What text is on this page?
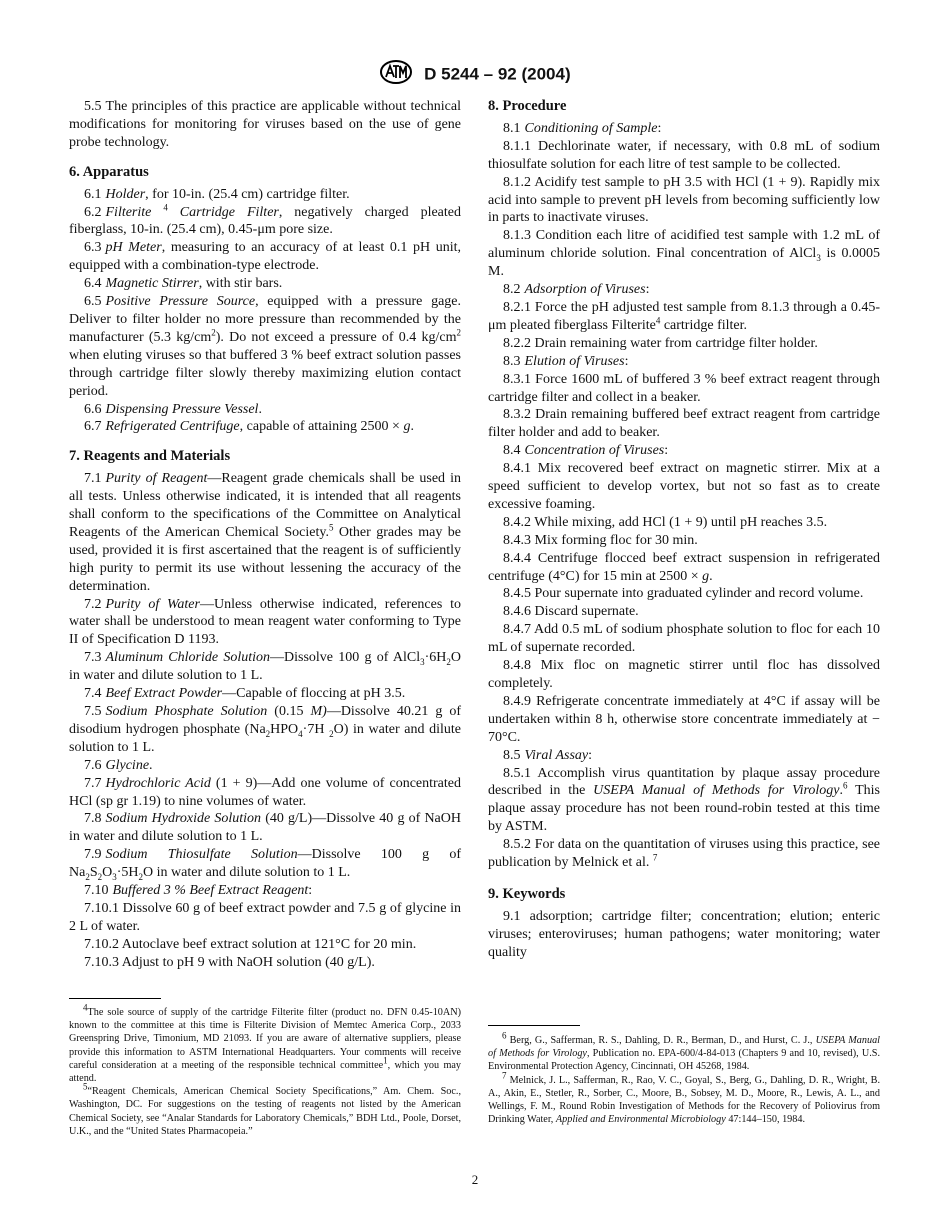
D 5244 – 92 (2004)

5.5 The principles of this practice are applicable without technical modifications for monitoring for viruses based on the use of gene probe technology.

6. Apparatus

6.1 Holder, for 10-in. (25.4 cm) cartridge filter.

6.2 Filterite $^4$ Cartridge Filter, negatively charged pleated fiberglass, 10-in. (25.4 cm), 0.45-μm pore size.

6.3 pH Meter, measuring to an accuracy of at least 0.1 pH unit, equipped with a combination-type electrode.

6.4 Magnetic Stirrer, with stir bars.

6.5 Positive Pressure Source, equipped with a pressure gage. Deliver to filter holder no more pressure than recommended by the manufacturer (5.3 $kg/cm^2$). Do not exceed a pressure of 0.4 $kg/cm^2$ when eluting viruses so that buffered 3 % beef extract solution passes through cartridge filter slowly thereby maximizing elution contact period.

6.6 Dispensing Pressure Vessel.

6.7 Refrigerated Centrifuge, capable of attaining 2500 × g.

7. Reagents and Materials

7.1 Purity of Reagent—Reagent grade chemicals shall be used in all tests. Unless otherwise indicated, it is intended that all reagents shall conform to the specifications of the Committee on Analytical Reagents of the American Chemical Society.$^5$ Other grades may be used, provided it is first ascertained that the reagent is of sufficiently high purity to permit its use without lessening the accuracy of the determination.

7.2 Purity of Water—Unless otherwise indicated, references to water shall be understood to mean reagent water conforming to Type II of Specification D 1193.

7.3 Aluminum Chloride Solution—Dissolve 100 g of $AlCl_3\cdot 6H_2O$ in water and dilute solution to 1 L.

7.4 Beef Extract Powder—Capable of floccing at pH 3.5.

7.5 Sodium Phosphate Solution (0.15 M)—Dissolve 40.21 g of disodium hydrogen phosphate ($Na_2HPO_4\cdot 7H$ $_2$O) in water and dilute solution to 1 L.

7.6 Glycine.

7.7 Hydrochloric Acid (1 + 9)—Add one volume of concentrated HCl (sp gr 1.19) to nine volumes of water.

7.8 Sodium Hydroxide Solution (40 g/L)—Dissolve 40 g of NaOH in water and dilute solution to 1 L.

7.9 Sodium Thiosulfate Solution—Dissolve 100 g of $Na_2S_2O_3\cdot 5H_2O$ in water and dilute solution to 1 L.

7.10 Buffered 3 % Beef Extract Reagent:

7.10.1 Dissolve 60 g of beef extract powder and 7.5 g of glycine in 2 L of water.

7.10.2 Autoclave beef extract solution at 121°C for 20 min.

7.10.3 Adjust to pH 9 with NaOH solution (40 g/L).

$^4$The sole source of supply of the cartridge Filterite filter (product no. DFN 0.45-10AN) known to the committee at this time is Filterite Division of Memtec America Corp., 2033 Greenspring Drive, Timonium, MD 21093. If you are aware of alternative suppliers, please provide this information to ASTM International Headquarters. Your comments will receive careful consideration at a meeting of the responsible technical committee$^1$, which you may attend.

$^5$“Reagent Chemicals, American Chemical Society Specifications,” Am. Chem. Soc., Washington, DC. For suggestions on the testing of reagents not listed by the American Chemical Society, see “Analar Standards for Laboratory Chemicals,” BDH Ltd., Poole, Dorset, U.K., and the “United States Pharmacopeia.”

8. Procedure

8.1 Conditioning of Sample:

8.1.1 Dechlorinate water, if necessary, with 0.8 mL of sodium thiosulfate solution for each litre of test sample to be collected.

8.1.2 Acidify test sample to pH 3.5 with HCl (1 + 9). Rapidly mix acid into sample to prevent pH levels from becoming sufficiently low in parts to inactivate viruses.

8.1.3 Condition each litre of acidified test sample with 1.2 mL of aluminum chloride solution. Final concentration of AlCl$_3$ is 0.0005 M.

8.2 Adsorption of Viruses:

8.2.1 Force the pH adjusted test sample from 8.1.3 through a 0.45-μm pleated fiberglass Filterite$^4$ cartridge filter.

8.2.2 Drain remaining water from cartridge filter holder.

8.3 Elution of Viruses:

8.3.1 Force 1600 mL of buffered 3 % beef extract reagent through cartridge filter and collect in a beaker.

8.3.2 Drain remaining buffered beef extract reagent from cartridge filter holder and add to beaker.

8.4 Concentration of Viruses:

8.4.1 Mix recovered beef extract on magnetic stirrer. Mix at a speed sufficient to develop vortex, but not so fast as to create excessive foaming.

8.4.2 While mixing, add HCl (1 + 9) until pH reaches 3.5.

8.4.3 Mix forming floc for 30 min.

8.4.4 Centrifuge flocced beef extract suspension in refrigerated centrifuge (4°C) for 15 min at 2500 × g.

8.4.5 Pour supernate into graduated cylinder and record volume.

8.4.6 Discard supernate.

8.4.7 Add 0.5 mL of sodium phosphate solution to floc for each 10 mL of supernate recorded.

8.4.8 Mix floc on magnetic stirrer until floc has dissolved completely.

8.4.9 Refrigerate concentrate immediately at 4°C if assay will be undertaken within 8 h, otherwise store concentrate immediately at − 70°C.

8.5 Viral Assay:

8.5.1 Accomplish virus quantitation by plaque assay procedure described in the USEPA Manual of Methods for Virology.$^6$ This plaque assay procedure has not been round-robin tested at this time by ASTM.

8.5.2 For data on the quantitation of viruses using this practice, see publication by Melnick et al. $^7$

9. Keywords

9.1 adsorption; cartridge filter; concentration; elution; enteric viruses; enteroviruses; human pathogens; water monitoring; water quality

$^6$ Berg, G., Safferman, R. S., Dahling, D. R., Berman, D., and Hurst, C. J., USEPA Manual of Methods for Virology, Publication no. EPA-600/4-84-013 (Chapters 9 and 10, revised), U.S. Environmental Protection Agency, Cincinnati, OH 45268, 1984.

$^7$ Melnick, J. L., Safferman, R., Rao, V. C., Goyal, S., Berg, G., Dahling, D. R., Wright, B. A., Akin, E., Stetler, R., Sorber, C., Moore, B., Sobsey, M. D., Moore, R., Lewis, A. L., and Wellings, F. M., Round Robin Investigation of Methods for the Recovery of Poliovirus from Drinking Water, Applied and Environmental Microbiology 47:144–150, 1984.

2
